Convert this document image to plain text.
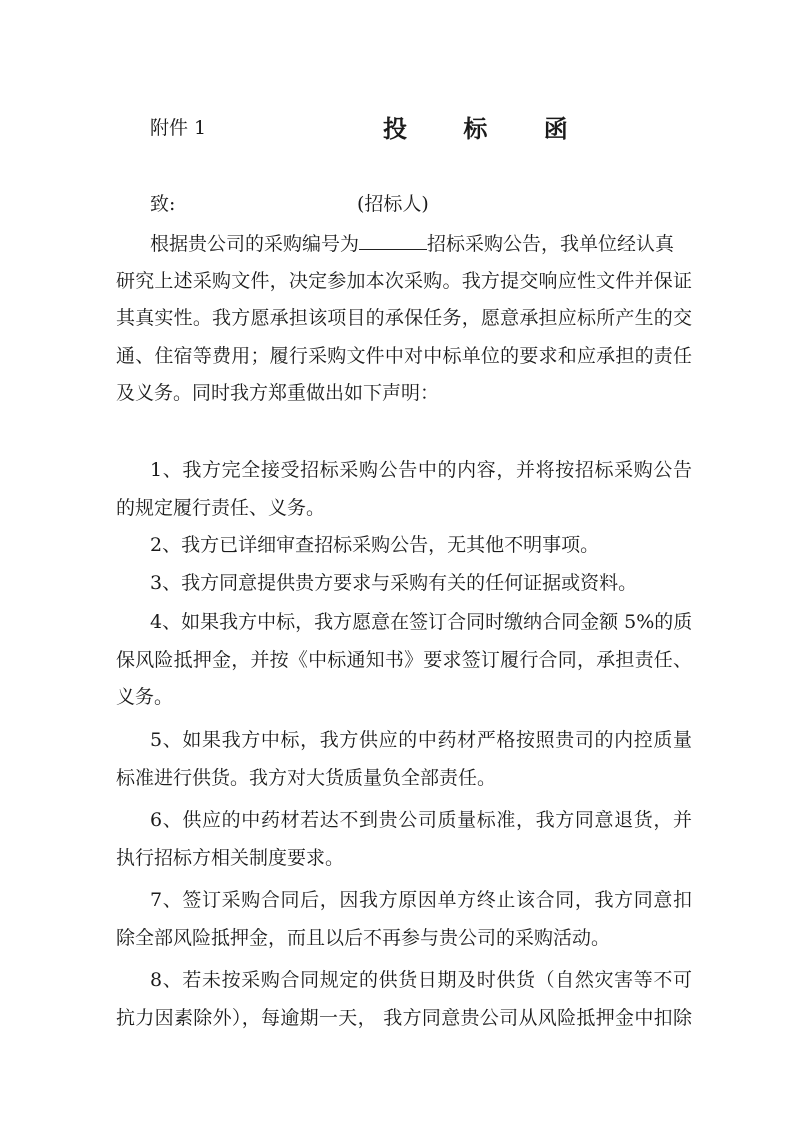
附件 1	投 标 函
致:	(招标人)
根据贵公司的采购编号为	招标采购公告，我单位经认真
研究上述采购文件，决定参加本次采购。我方提交响应性文件并保证
其真实性。我方愿承担该项目的承保任务，愿意承担应标所产生的交
通、住宿等费用；履行采购文件中对中标单位的要求和应承担的责任
及义务。同时我方郑重做出如下声明：
1、我方完全接受招标采购公告中的内容，并将按招标采购公告
的规定履行责任、义务。
2、我方已详细审查招标采购公告，无其他不明事项。
3、我方同意提供贵方要求与采购有关的任何证据或资料。
4、如果我方中标，我方愿意在签订合同时缴纳合同金额 5%的质
保风险抵押金，并按《中标通知书》要求签订履行合同，承担责任、
义务。
5、如果我方中标，我方供应的中药材严格按照贵司的内控质量
标准进行供货。我方对大货质量负全部责任。
6、供应的中药材若达不到贵公司质量标准，我方同意退货，并
执行招标方相关制度要求。
7、签订采购合同后，因我方原因单方终止该合同，我方同意扣
除全部风险抵押金，而且以后不再参与贵公司的采购活动。
8、若未按采购合同规定的供货日期及时供货（自然灾害等不可
抗力因素除外），每逾期一天， 我方同意贵公司从风险抵押金中扣除
